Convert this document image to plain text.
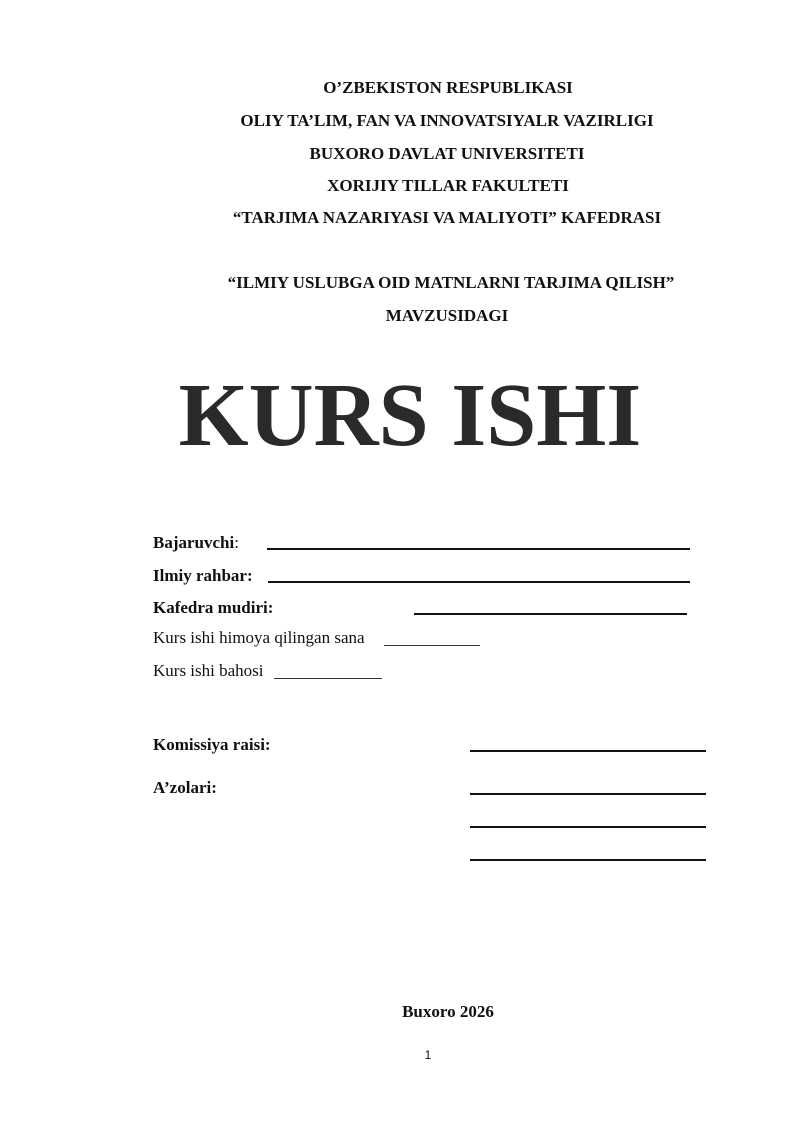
O’ZBEKISTON RESPUBLIKASI
OLIY TA’LIM, FAN VA INNOVATSIYALR VAZIRLIGI
BUXORO DAVLAT UNIVERSITETI
XORIJIY TILLAR FAKULTETI
“TARJIMA NAZARIYASI VA MALIYOTI” KAFEDRASI
“ILMIY USLUBGA OID MATNLARNI TARJIMA QILISH”
MAVZUSIDAGI
KURS ISHI
Bajaruvchi:
Ilmiy rahbar:
Kafedra mudiri:
Kurs ishi himoya qilingan sana
Kurs ishi bahosi
Komissiya raisi:
A’zolari:
Buxoro 2026
1
